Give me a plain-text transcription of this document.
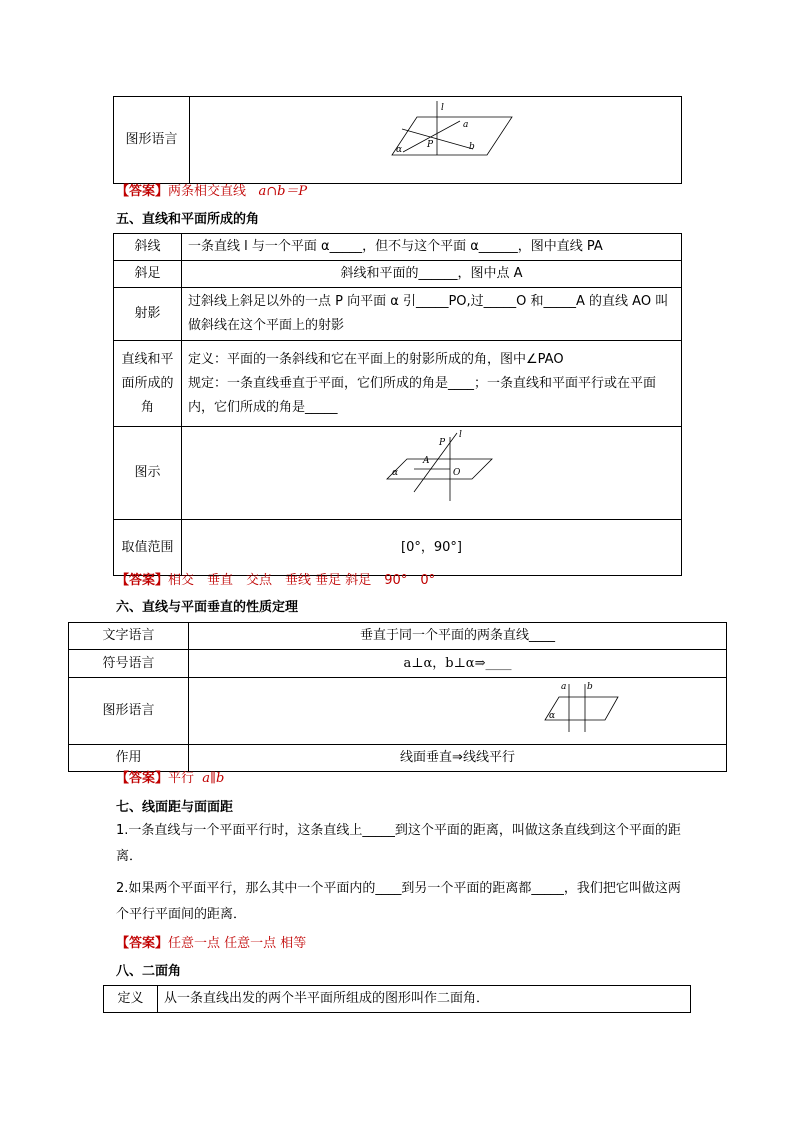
图形语言	
l
a
α	P	b
【答案】两条相交直线 a∩b＝P
五、直线和平面所成的角
斜线	一条直线 l 与一个平面 α_____，但不与这个平面 α______，图中直线 PA
斜足	斜线和平面的______，图中点 A
射影	过斜线上斜足以外的一点 P 向平面 α 引_____PO,过_____O 和_____A 的直线 AO 叫做斜线在这个平面上的射影
直线和平面所成的角	定义：平面的一条斜线和它在平面上的射影所成的角，图中∠PAO
规定：一条直线垂直于平面，它们所成的角是____；一条直线和平面平行或在平面内，它们所成的角是_____

图示	P
l
A
α O

取值范围	[0°，90°]
【答案】相交　垂直　交点　垂线 垂足 斜足　90°　0°
六、直线与平面垂直的性质定理
文字语言	垂直于同一个平面的两条直线____
符号语言	a⊥α，b⊥α⇒____
图形语言	a b
α

作用	线面垂直⇒线线平行
【答案】平行 a∥b
七、线面距与面面距
1.一条直线与一个平面平行时，这条直线上_____到这个平面的距离，叫做这条直线到这个平面的距离．
2.如果两个平面平行，那么其中一个平面内的____到另一个平面的距离都_____，我们把它叫做这两个平行平面间的距离．
【答案】任意一点 任意一点 相等
八、二面角
定义	从一条直线出发的两个半平面所组成的图形叫作二面角．
